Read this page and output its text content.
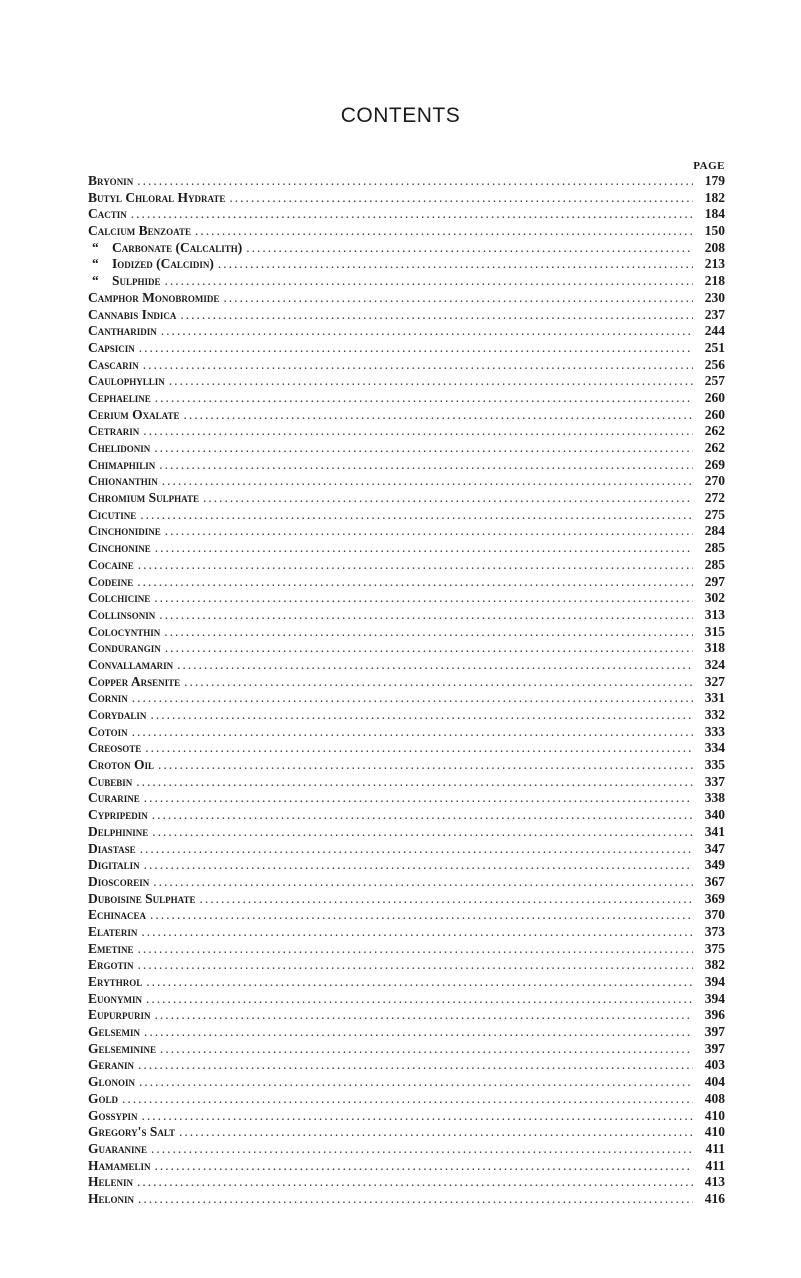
CONTENTS
PAGE
Bryonin .....	179
Butyl Chloral Hydrate .....	182
Cactin .....	184
Calcium Benzoate .....	150
“ Carbonate (Calcalith) .....	208
“ Iodized (Calcidin) .....	213
“ Sulphide .....	218
Camphor Monobromide .....	230
Cannabis Indica .....	237
Cantharidin .....	244
Capsicin .....	251
Cascarin .....	256
Caulophyllin .....	257
Cephaeline .....	260
Cerium Oxalate .....	260
Cetrarin .....	262
Chelidonin .....	262
Chimaphilin .....	269
Chionanthin .....	270
Chromium Sulphate .....	272
Cicutine .....	275
Cinchonidine .....	284
Cinchonine .....	285
Cocaine .....	285
Codeine .....	297
Colchicine .....	302
Collinsonin .....	313
Colocynthin .....	315
Condurangin .....	318
Convallamarin .....	324
Copper Arsenite .....	327
Cornin .....	331
Corydalin .....	332
Cotoin .....	333
Creosote .....	334
Croton Oil .....	335
Cubebin .....	337
Curarine .....	338
Cypripedin .....	340
Delphinine .....	341
Diastase .....	347
Digitalin .....	349
Dioscorein .....	367
Duboisine Sulphate .....	369
Echinacea .....	370
Elaterin .....	373
Emetine .....	375
Ergotin .....	382
Erythrol .....	394
Euonymin .....	394
Eupurpurin .....	396
Gelsemin .....	397
Gelseminine .....	397
Geranin .....	403
Glonoin .....	404
Gold .....	408
Gossypin .....	410
Gregory's Salt .....	410
Guaranine .....	411
Hamamelin .....	411
Helenin .....	413
Helonin .....	416
